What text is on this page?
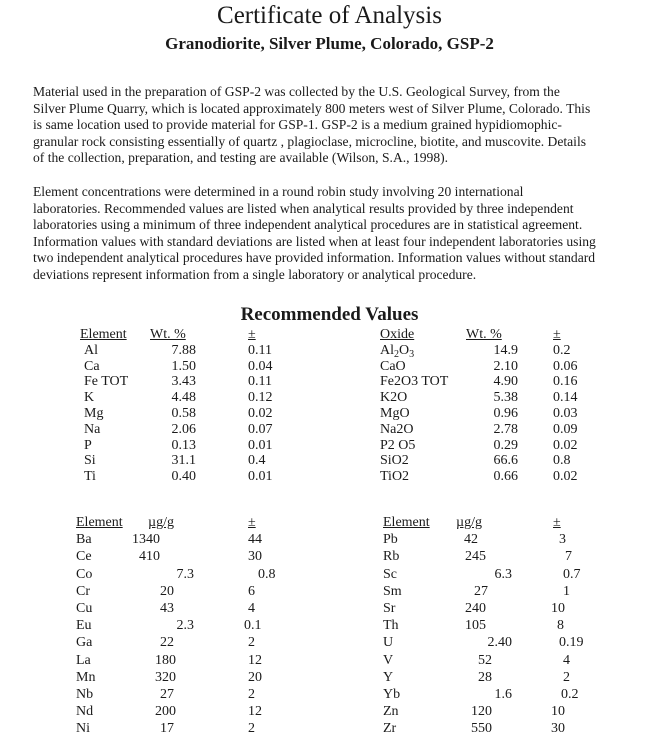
Certificate of Analysis
Granodiorite, Silver Plume, Colorado, GSP-2
Material used in the preparation of GSP-2 was collected by the U.S. Geological Survey, from the
Silver Plume Quarry, which is located approximately 800 meters west of Silver Plume, Colorado. This
is same location used to provide material for GSP-1. GSP-2 is a medium grained hypidiomophic-
granular rock consisting essentially of quartz , plagioclase, microcline, biotite, and muscovite. Details
of the collection, preparation, and testing are available (Wilson, S.A., 1998).
Element concentrations were determined in a round robin study involving 20 international
laboratories. Recommended values are listed when analytical results provided by three independent
laboratories using a minimum of three independent analytical procedures are in statistical agreement.
Information values with standard deviations are listed when at least four independent laboratories using
two independent analytical procedures have provided information. Information values without standard
deviations represent information from a single laboratory or analytical procedure.
Recommended Values
Element	Wt. %	±
Al	7.88	0.11
Ca	1.50	0.04
Fe TOT	3.43	0.11
K	4.48	0.12
Mg	0.58	0.02
Na	2.06	0.07
P	0.13	0.01
Si	31.1	0.4
Ti	0.40	0.01
Oxide	Wt. %	±
$Al_2O_3$	14.9	0.2
CaO	2.10	0.06
Fe2O3 TOT	4.90	0.16
K2O	5.38	0.14
MgO	0.96	0.03
Na2O	2.78	0.09
P2 O5	0.29	0.02
SiO2	66.6	0.8
TiO2	0.66	0.02
Element	µg/g	±
Ba	1340	44
Ce	410	30
Co	7.3	0.8
Cr	20	6
Cu	43	4
Eu	2.3	0.1
Ga	22	2
La	180	12
Mn	320	20
Nb	27	2
Nd	200	12
Ni	17	2
Element	µg/g	±
Pb	42	3
Rb	245	7
Sc	6.3	0.7
Sm	27	1
Sr	240	10
Th	105	8
U	2.40	0.19
V	52	4
Y	28	2
Yb	1.6	0.2
Zn	120	10
Zr	550	30
